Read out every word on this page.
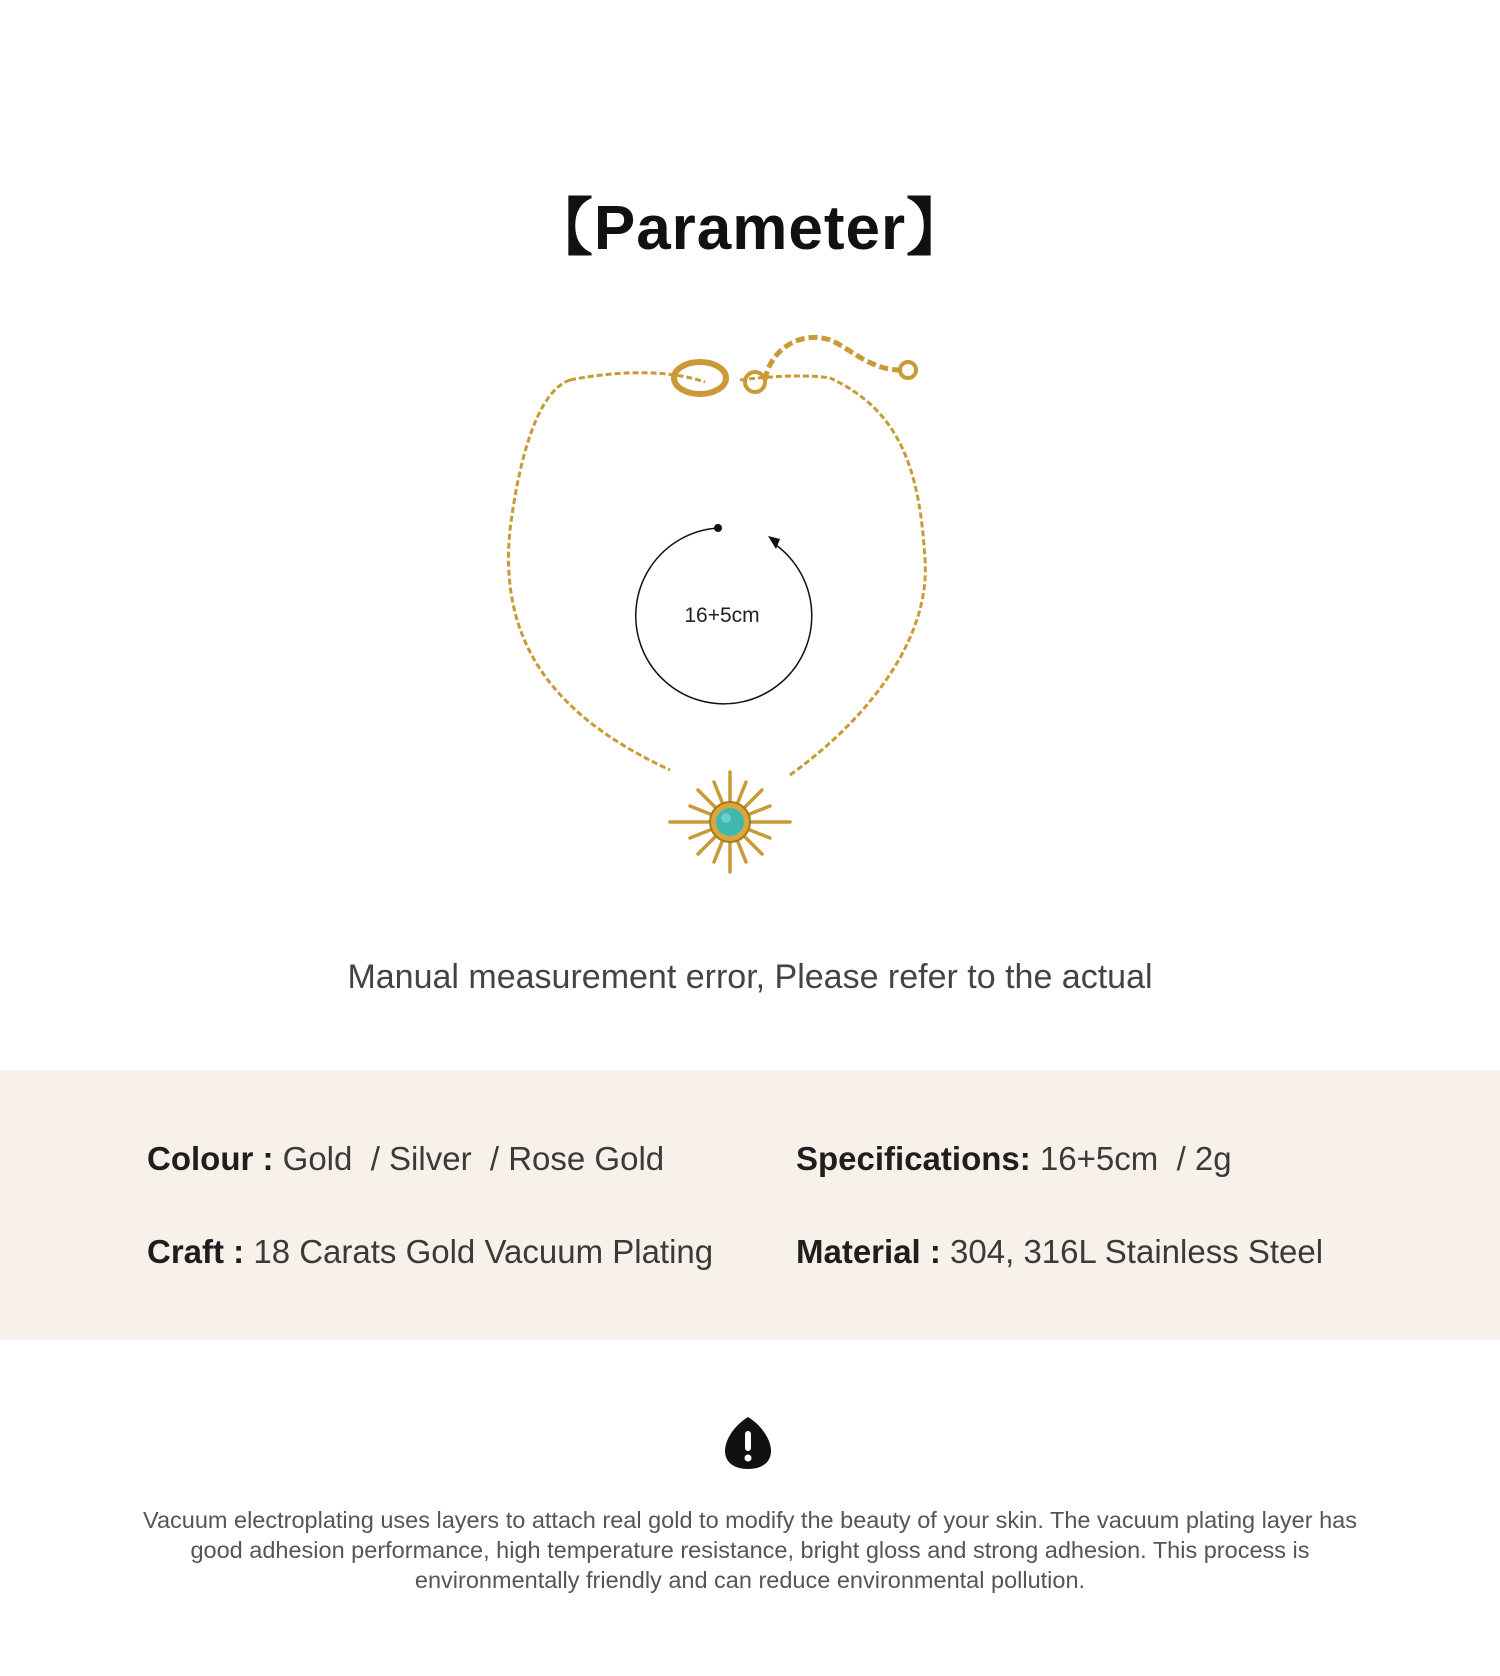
【Parameter】
16+5cm
Manual measurement error, Please refer to the actual
Colour : Gold  / Silver  / Rose Gold	Specifications: 16+5cm  / 2g
Craft : 18 Carats Gold Vacuum Plating	Material : 304, 316L Stainless Steel
Vacuum electroplating uses layers to attach real gold to modify the beauty of your skin. The vacuum plating layer has good adhesion performance, high temperature resistance, bright gloss and strong adhesion. This process is environmentally friendly and can reduce environmental pollution.
